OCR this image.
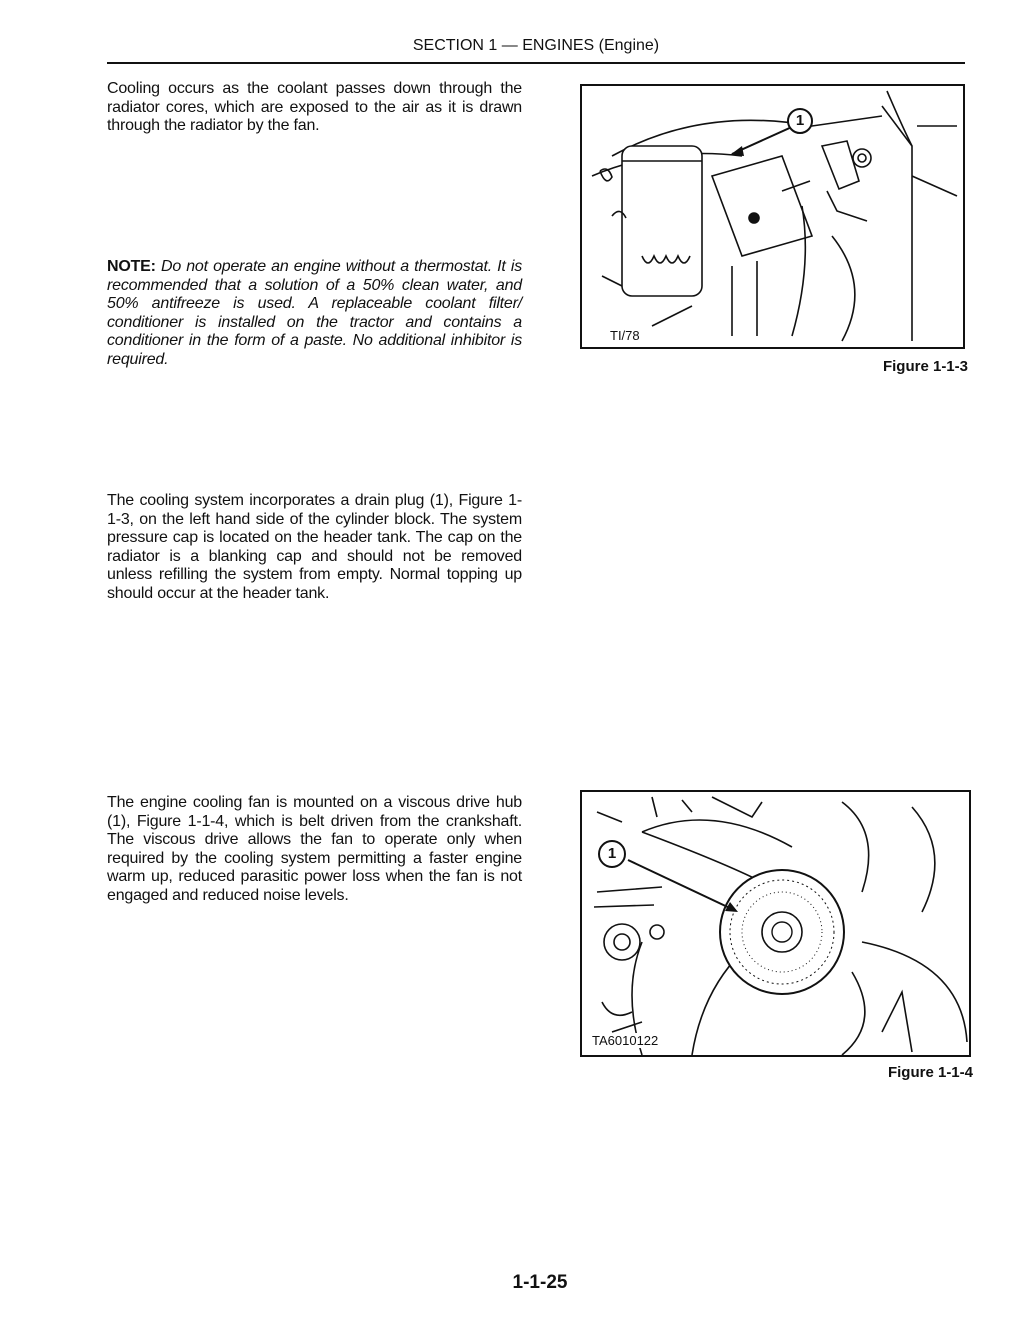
SECTION 1 — ENGINES (Engine)

Cooling occurs as the coolant passes down through the radiator cores, which are exposed to the air as it is drawn through the radiator by the fan.

NOTE: Do not operate an engine without a thermostat. It is recommended that a solution of a 50% clean water, and 50% antifreeze is used. A replaceable coolant filter/ conditioner is installed on the tractor and contains a conditioner in the form of a paste. No additional inhibitor is required.

The cooling system incorporates a drain plug (1), Figure 1-1-3, on the left hand side of the cylinder block. The system pressure cap is located on the header tank. The cap on the radiator is a blanking cap and should not be removed unless refilling the system from empty. Normal topping up should occur at the header tank.

The engine cooling fan is mounted on a viscous drive hub (1), Figure 1-1-4, which is belt driven from the crankshaft. The viscous drive allows the fan to operate only when required by the cooling system permitting a faster engine warm up, reduced parasitic power loss when the fan is not engaged and reduced noise levels.

1
TI/78
Figure 1-1-3
1
TA6010122
Figure 1-1-4
1-1-25
